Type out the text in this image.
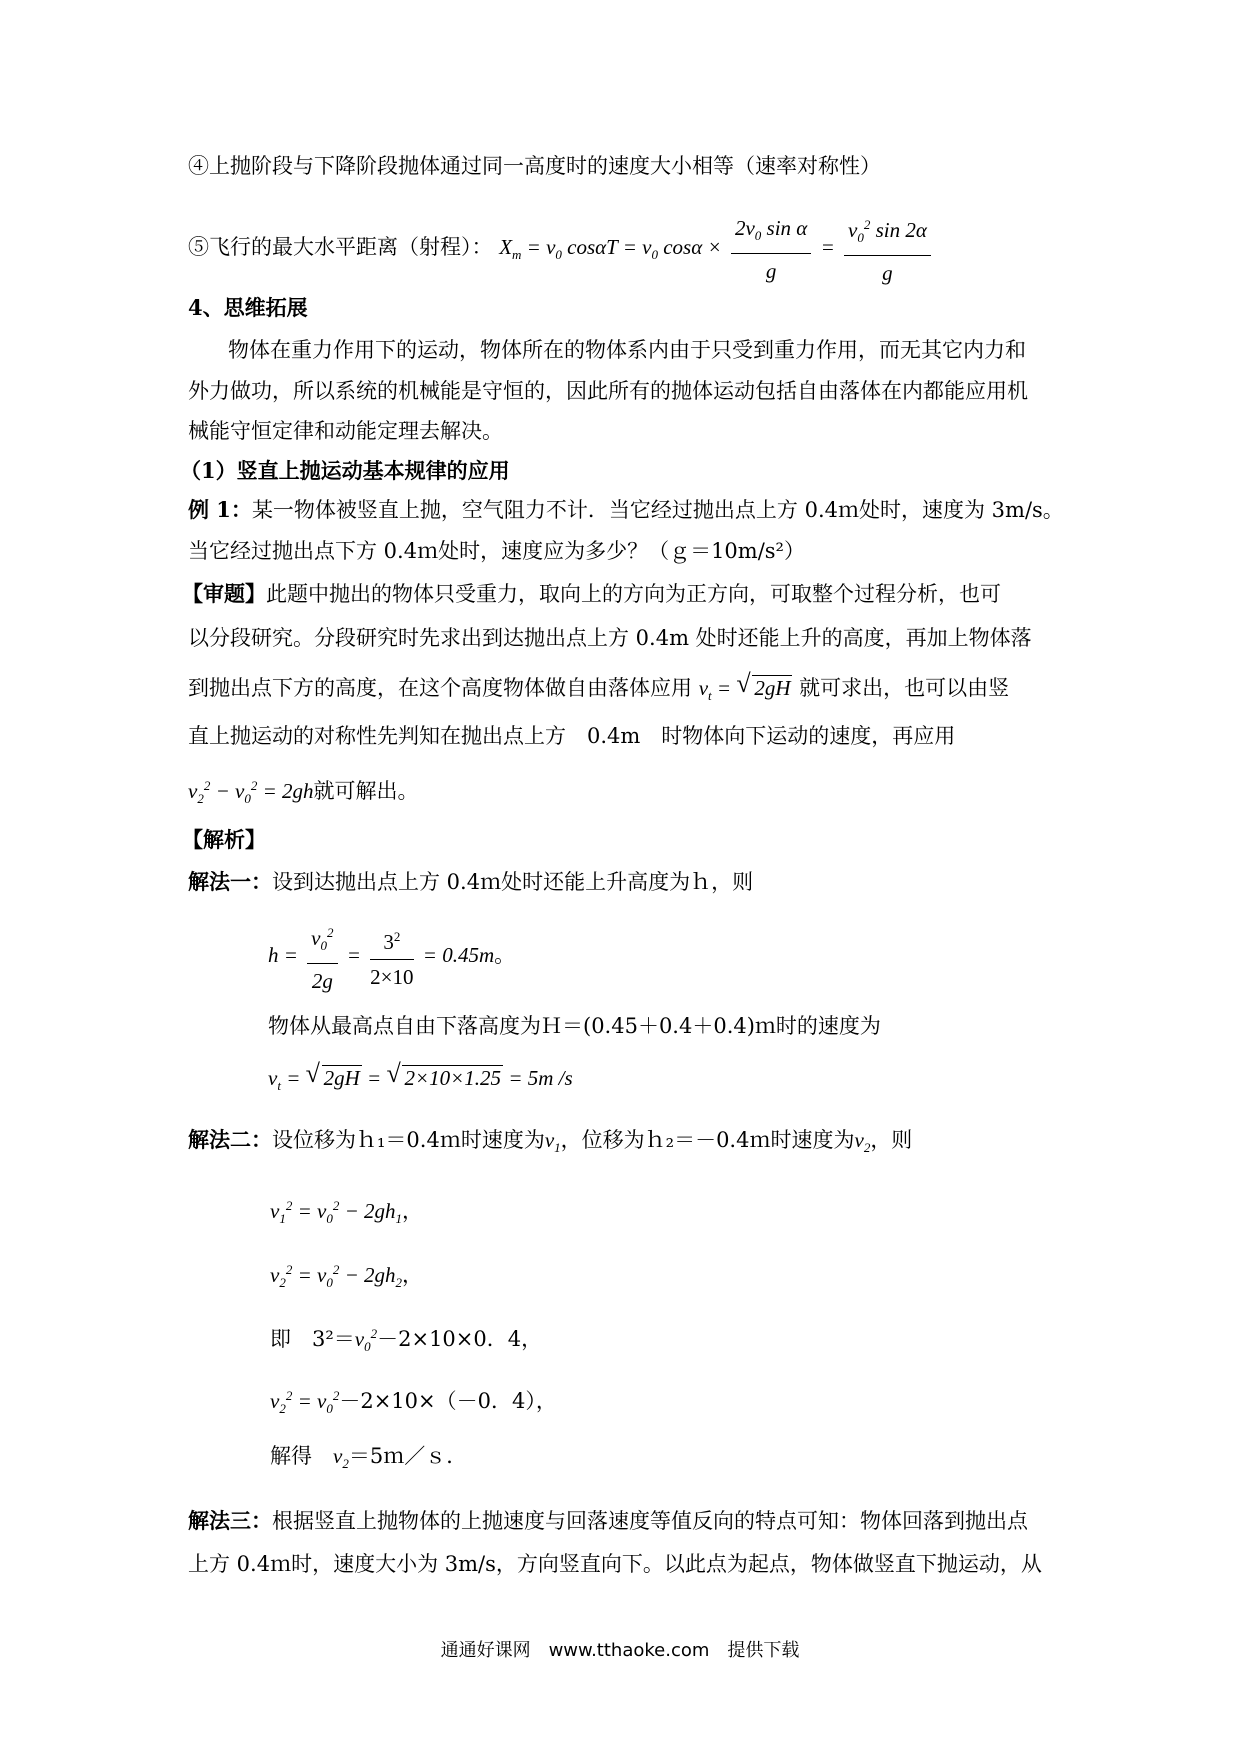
④上抛阶段与下降阶段抛体通过同一高度时的速度大小相等（速率对称性）
⑤飞行的最大水平距离（射程）： $X_m = v_0$ $\cos\alpha T = v_0$ $\cos\alpha \times \frac{2v_0 \sin \alpha}{g} = \frac{v_0^2 \sin 2\alpha}{g}$
4、思维拓展
物体在重力作用下的运动，物体所在的物体系内由于只受到重力作用，而无其它内力和
外力做功，所以系统的机械能是守恒的，因此所有的抛体运动包括自由落体在内都能应用机
械能守恒定律和动能定理去解决。
（1）竖直上抛运动基本规律的应用
例 1：某一物体被竖直上抛，空气阻力不计．当它经过抛出点上方 0.4ｍ处时，速度为 3m/s。
当它经过抛出点下方 0.4ｍ处时，速度应为多少？（ｇ＝10m/s²）
【审题】此题中抛出的物体只受重力，取向上的方向为正方向，可取整个过程分析，也可
以分段研究。分段研究时先求出到达抛出点上方 0.4m 处时还能上升的高度，再加上物体落
到抛出点下方的高度，在这个高度物体做自由落体应用 $v_t$ = √ 2gH 就可求出，也可以由竖
直上抛运动的对称性先判知在抛出点上方　0.4m　时物体向下运动的速度，再应用
$v_2^2 - v_0^2 = 2gh$就可解出。
【解析】
解法一：设到达抛出点上方 0.4ｍ处时还能上升高度为ｈ，则
$h = \frac{v_0^2}{2g} = \frac{3^2}{2\times 10} = 0.45m$。
物体从最高点自由下落高度为Ｈ＝(0.45＋0.4＋0.4)ｍ时的速度为
$v_t$ = √ 2gH = √ 2×10×1.25 = 5m /s
解法二：设位移为ｈ₁＝0.4ｍ时速度为$v_1$，位移为ｈ₂＝－0.4ｍ时速度为$v_2$，则
$v_1^2 = v_0^2 - 2gh_1$，
$v_2^2 = v_0^2 - 2gh_2$，
即　$3^2=v_0^2-2\times 10\times 0$．4，
$v_2^2 = v_0^2-2\times 10\times(-0$．4），
解得　$v_2=5m/s$．
解法三：根据竖直上抛物体的上抛速度与回落速度等值反向的特点可知：物体回落到抛出点
上方 0.4ｍ时，速度大小为 3m/s，方向竖直向下。以此点为起点，物体做竖直下抛运动，从
通通好课网　www.tthaoke.com　提供下载
